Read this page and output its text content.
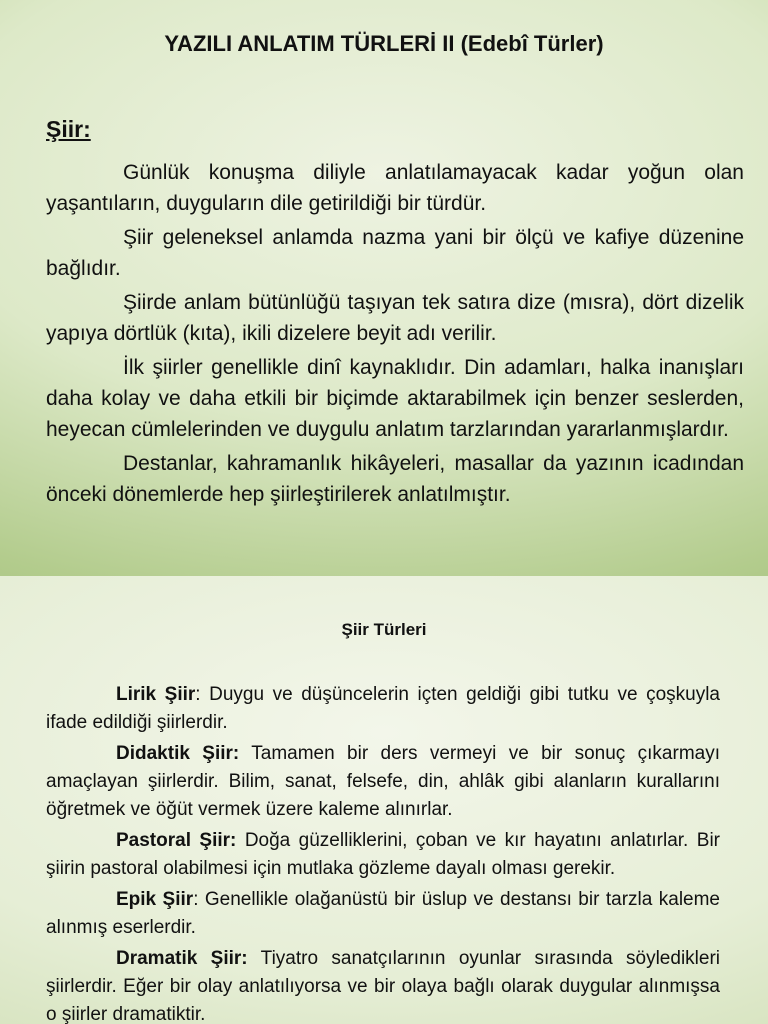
YAZILI ANLATIM TÜRLERİ II (Edebî Türler)
Şiir:

Günlük konuşma diliyle anlatılamayacak kadar yoğun olan yaşantıların, duyguların dile getirildiği bir türdür.

Şiir geleneksel anlamda nazma yani bir ölçü ve kafiye düzenine bağlıdır.

Şiirde anlam bütünlüğü taşıyan tek satıra dize (mısra), dört dizelik yapıya dörtlük (kıta), ikili dizelere beyit adı verilir.

İlk şiirler genellikle dinî kaynaklıdır. Din adamları, halka inanışları daha kolay ve daha etkili bir biçimde aktarabilmek için benzer seslerden, heyecan cümlelerinden ve duygulu anlatım tarzlarından yararlanmışlardır.

Destanlar, kahramanlık hikâyeleri, masallar da yazının icadından önceki dönemlerde hep şiirleştirilerek anlatılmıştır.

Şiir Türleri

Lirik Şiir: Duygu ve düşüncelerin içten geldiği gibi tutku ve çoşkuyla ifade edildiği şiirlerdir.

Didaktik Şiir: Tamamen bir ders vermeyi ve bir sonuç çıkarmayı amaçlayan şiirlerdir. Bilim, sanat, felsefe, din, ahlâk gibi alanların kurallarını öğretmek ve öğüt vermek üzere kaleme alınırlar.

Pastoral Şiir: Doğa güzelliklerini, çoban ve kır hayatını anlatırlar. Bir şiirin pastoral olabilmesi için mutlaka gözleme dayalı olması gerekir.

Epik Şiir: Genellikle olağanüstü bir üslup ve destansı bir tarzla kaleme alınmış eserlerdir.

Dramatik Şiir: Tiyatro sanatçılarının oyunlar sırasında söyledikleri şiirlerdir. Eğer bir olay anlatılıyorsa ve bir olaya bağlı olarak duygular alınmışsa o şiirler dramatiktir.
